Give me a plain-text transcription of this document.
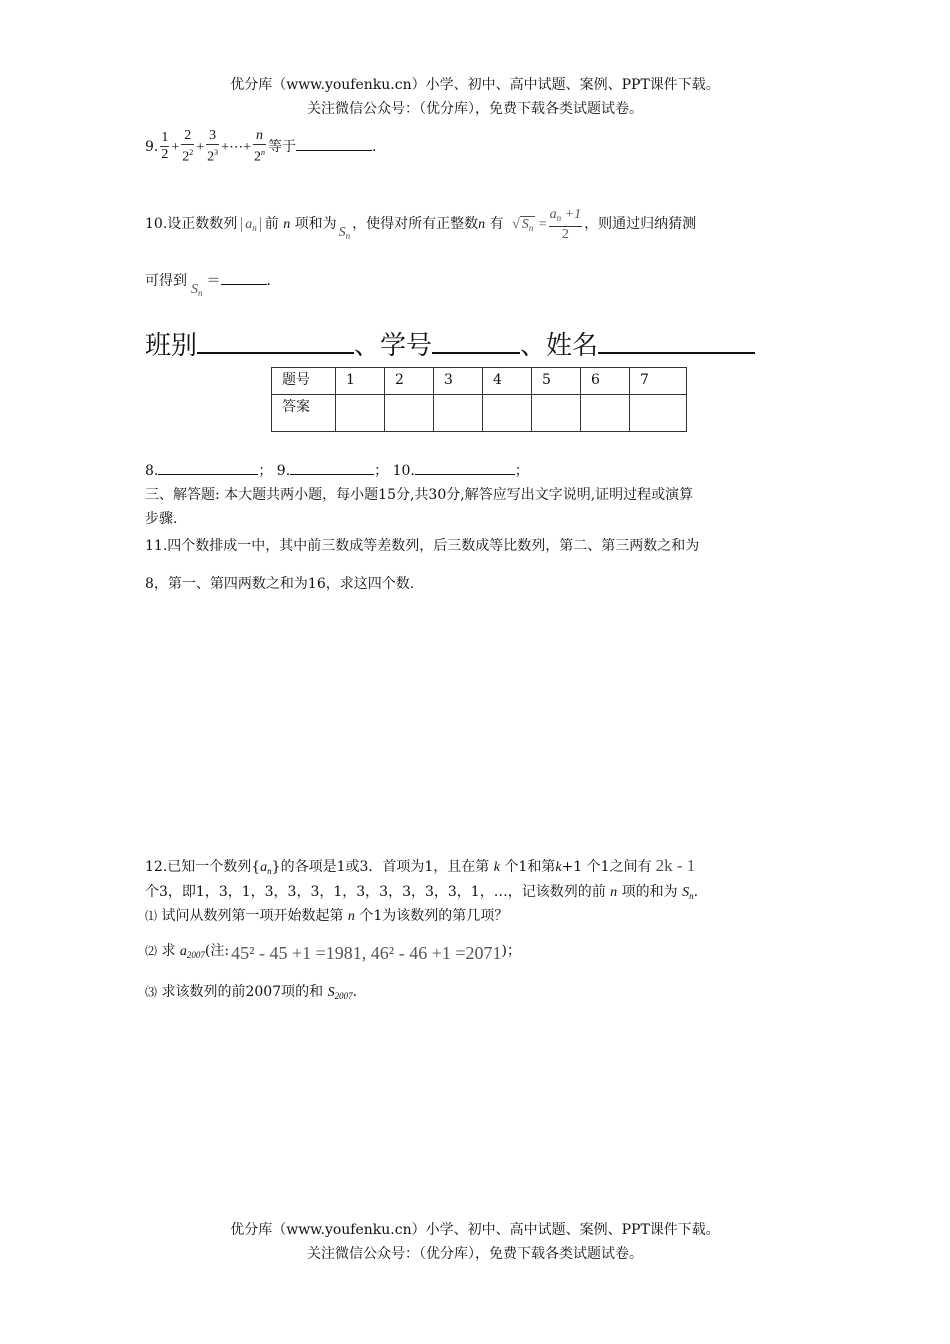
优分库（www.youfenku.cn）小学、初中、高中试题、案例、PPT课件下载。
关注微信公众号：（优分库），免费下载各类试题试卷。
9. $\frac{1}{2} + \frac{2}{2^2} + \frac{3}{2^3}$ +⋯+ $\frac{n}{2^n}$ 等于	.
10.设正数数列 $a_n$ 前 n 项和为$S_n$，使得对所有正整数n 有 √ $S_n = \frac{a_n +1}{2}$ ，则通过归纳猜测
可得到$S_n=$	.
班别	、学号	、姓名
题号	1	2	3	4	5	6	7
答案							
8.	； 9.	； 10.	；
三、解答题: 本大题共两小题，每小题15分,共30分,解答应写出文字说明,证明过程或演算
步骤.
11.四个数排成一中，其中前三数成等差数列，后三数成等比数列，第二、第三两数之和为
8，第一、第四两数之和为16，求这四个数.
12.已知一个数列$\{a_n\}$的各项是1或3．首项为1，且在第 k 个1和第k+1 个1之间有 2k - 1
个3，即1，3，1，3，3，3，1，3，3，3，3，3，1，…，记该数列的前 n 项的和为 $S_n$.
⑴ 试问从数列第一项开始数起第 n 个1为该数列的第几项？
⑵ 求 $a_{2007}$(注: 45² - 45 +1 =1981, 46² - 46 +1 =2071)；
⑶ 求该数列的前2007项的和 $S_{2007}$.
优分库（www.youfenku.cn）小学、初中、高中试题、案例、PPT课件下载。
关注微信公众号：（优分库），免费下载各类试题试卷。
